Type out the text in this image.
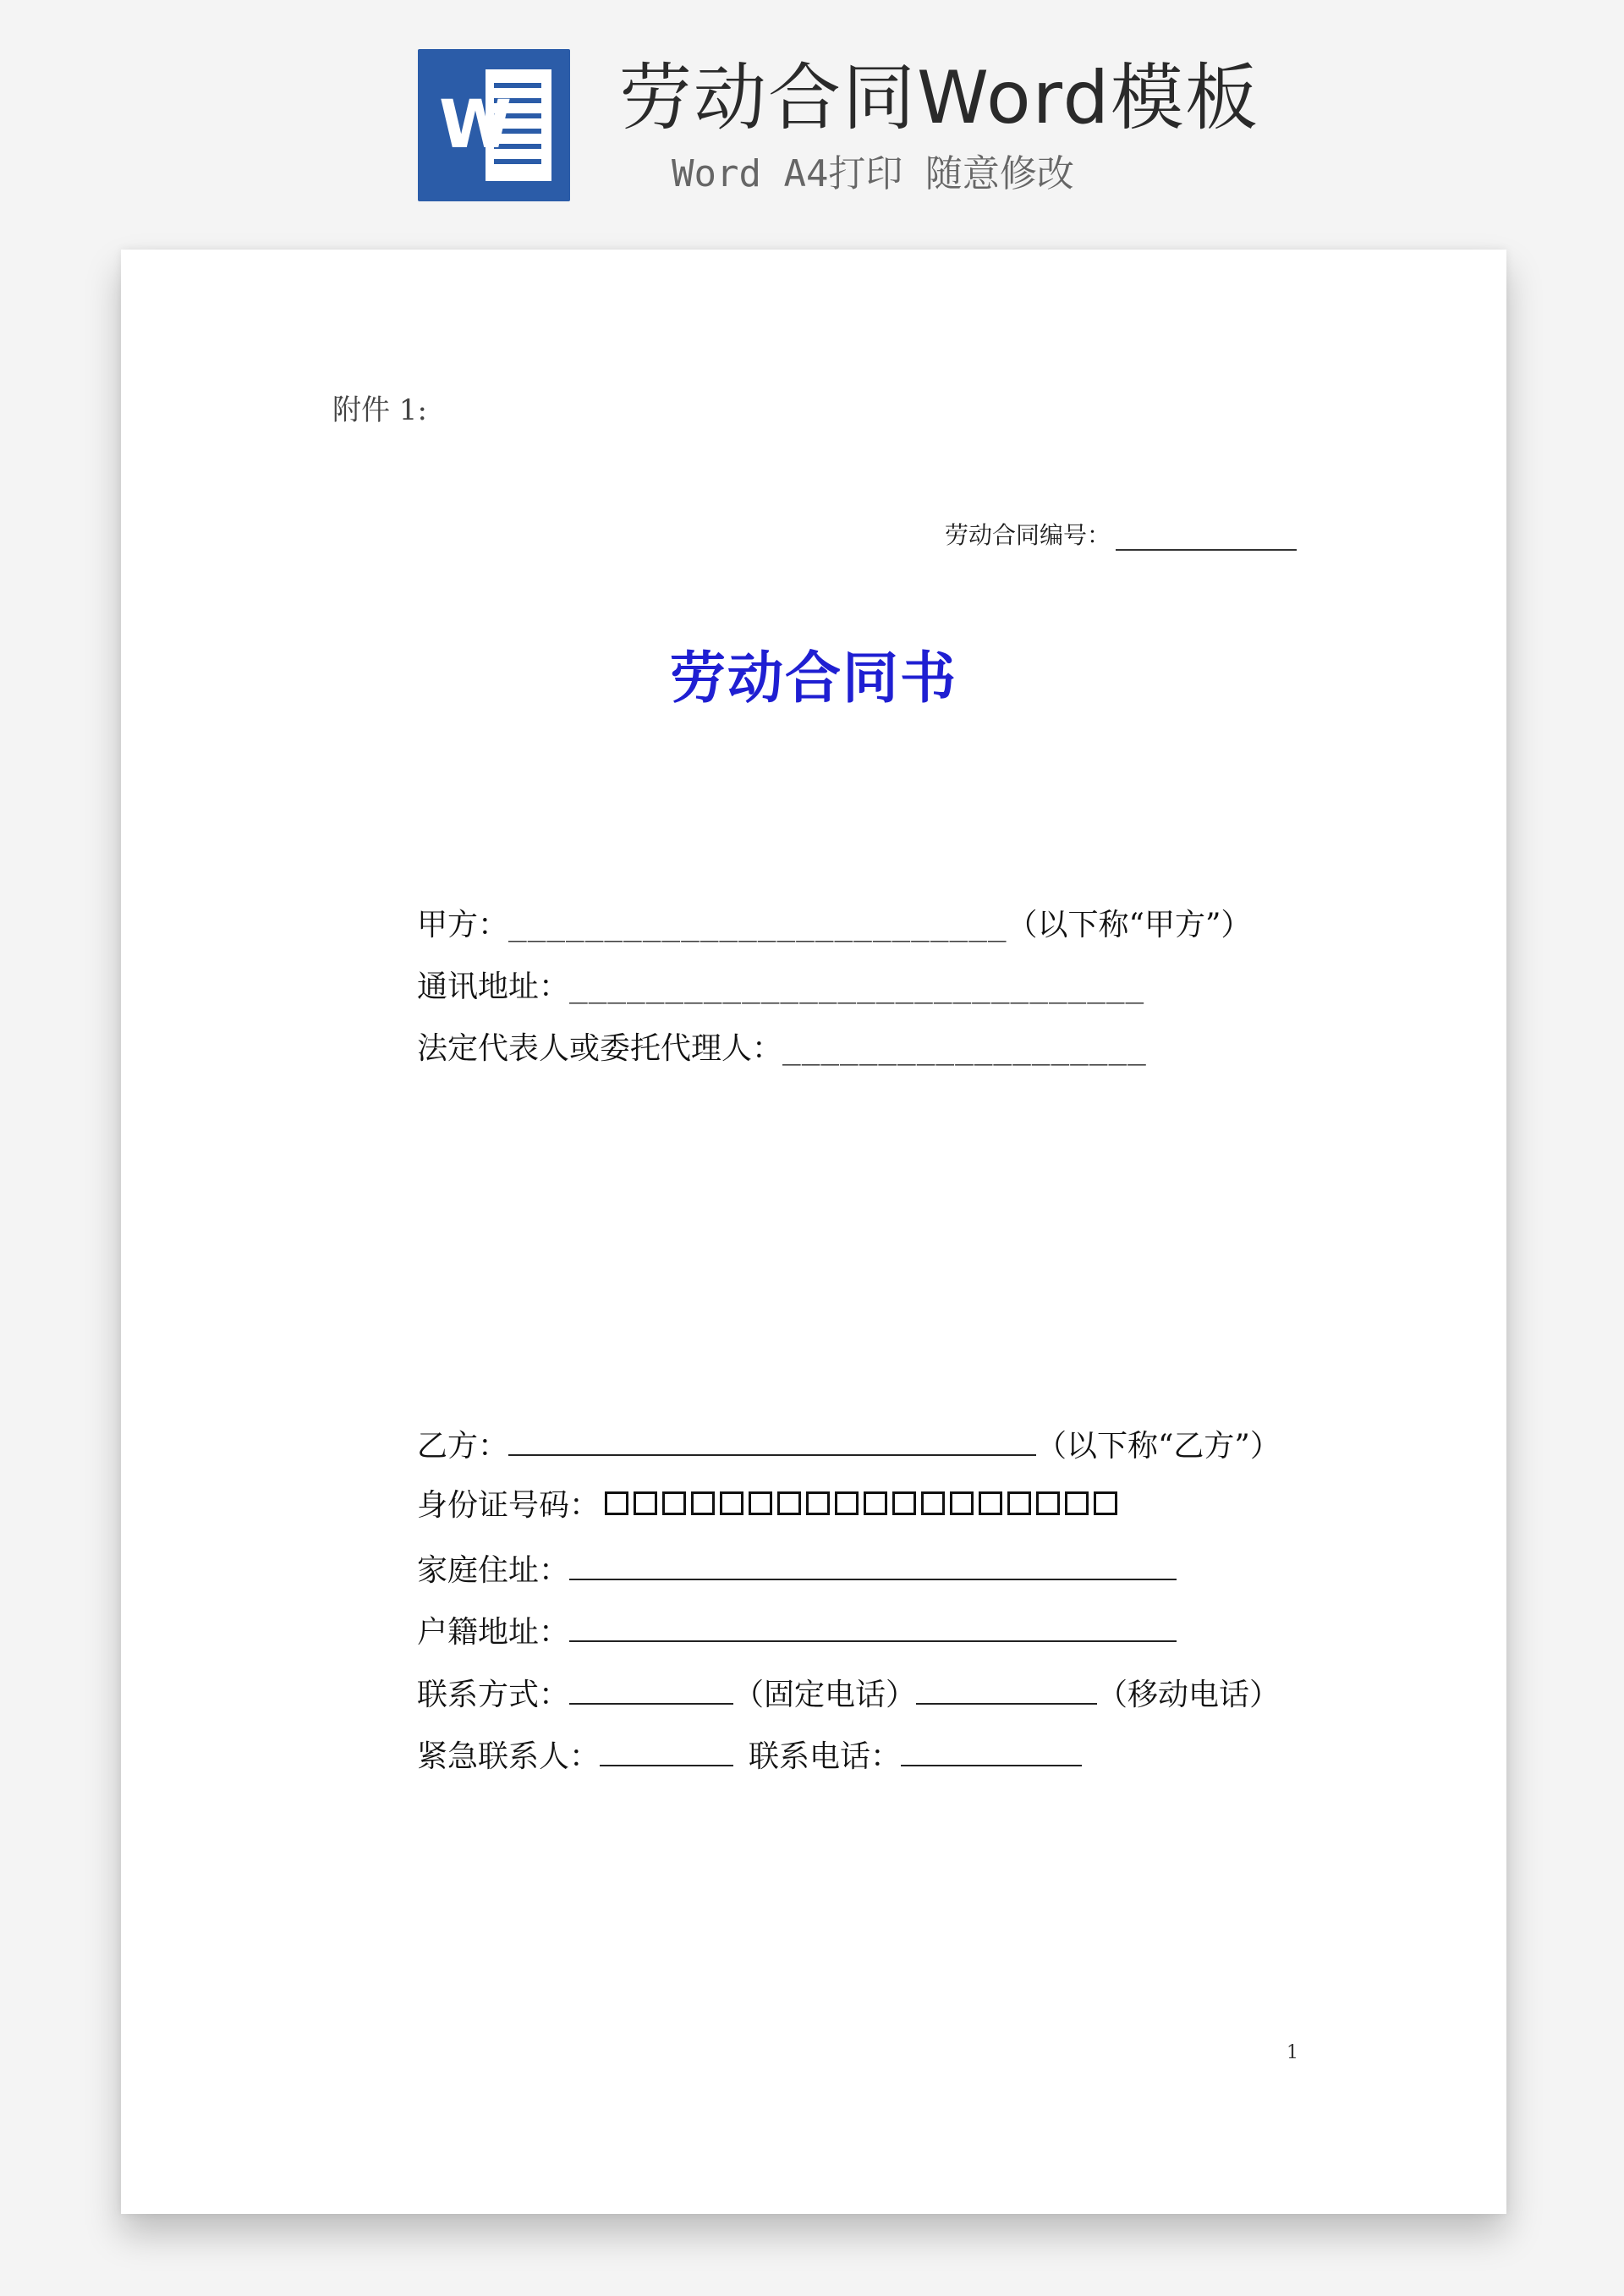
W 劳动合同Word模板
Word A4打印 随意修改
附件 1:
劳动合同编号：
劳动合同书
甲方： __________________________ （以下称“甲方”）
通讯地址： ______________________________
法定代表人或委托代理人： ___________________
乙方：	（以下称“乙方”）
身份证号码：
家庭住址：
户籍地址：
联系方式：	（固定电话）	（移动电话）
紧急联系人：	联系电话：
1
